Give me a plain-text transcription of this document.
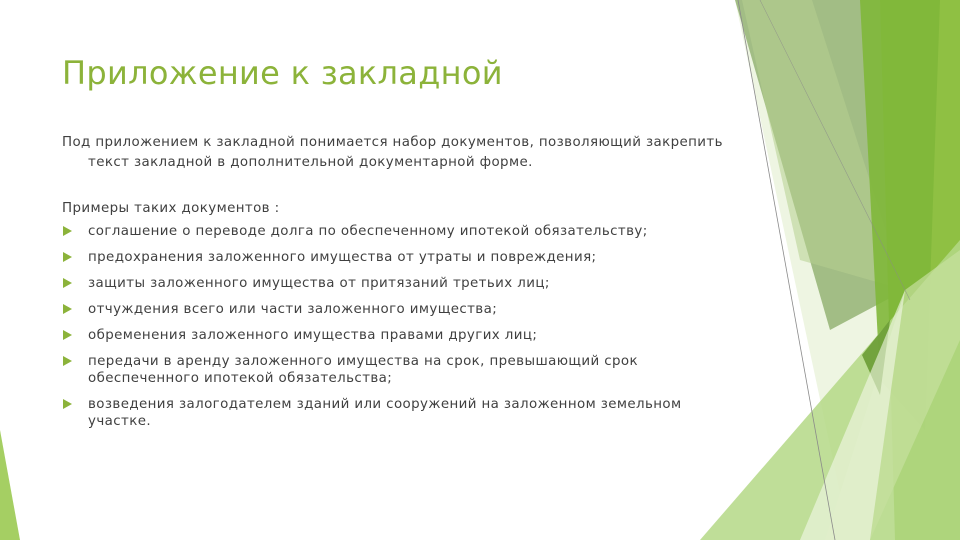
Приложение к закладной

Под приложением к закладной понимается набор документов, позволяющий закрепить текст закладной в дополнительной документарной форме.

Примеры таких документов :

соглашение о переводе долга по обеспеченному ипотекой обязательству;
предохранения заложенного имущества от утраты и повреждения;
защиты заложенного имущества от притязаний третьих лиц;
отчуждения всего или части заложенного имущества;
обременения заложенного имущества правами других лиц;
передачи в аренду заложенного имущества на срок, превышающий срок обеспеченного ипотекой обязательства;
возведения залогодателем зданий или сооружений на заложенном земельном участке.
